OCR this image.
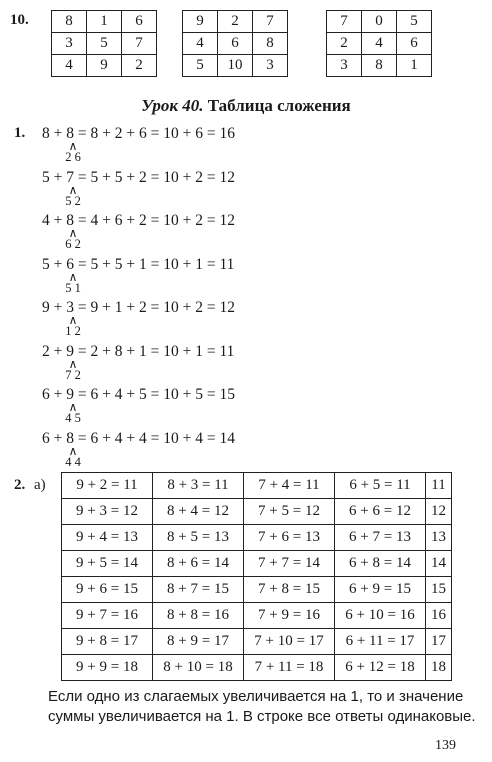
10. 8	1	6
3	5	7
4	9	2
9	2	7
4	6	8
5	10	3
7	0	5
2	4	6
3	8	1
Урок 40. Таблица сложения
1. 8 + 8 = 8 + 2 + 6 = 10 + 6 = 16
∧
2 6
5 + 7 = 5 + 5 + 2 = 10 + 2 = 12
∧
5 2
4 + 8 = 4 + 6 + 2 = 10 + 2 = 12
∧
6 2
5 + 6 = 5 + 5 + 1 = 10 + 1 = 11
∧
5 1
9 + 3 = 9 + 1 + 2 = 10 + 2 = 12
∧
1 2
2 + 9 = 2 + 8 + 1 = 10 + 1 = 11
∧
7 2
6 + 9 = 6 + 4 + 5 = 10 + 5 = 15
∧
4 5
6 + 8 = 6 + 4 + 4 = 10 + 4 = 14
∧
4 4
2. а) 9 + 2 = 11	8 + 3 = 11	7 + 4 = 11	6 + 5 = 11	11
9 + 3 = 12	8 + 4 = 12	7 + 5 = 12	6 + 6 = 12	12
9 + 4 = 13	8 + 5 = 13	7 + 6 = 13	6 + 7 = 13	13
9 + 5 = 14	8 + 6 = 14	7 + 7 = 14	6 + 8 = 14	14
9 + 6 = 15	8 + 7 = 15	7 + 8 = 15	6 + 9 = 15	15
9 + 7 = 16	8 + 8 = 16	7 + 9 = 16	6 + 10 = 16	16
9 + 8 = 17	8 + 9 = 17	7 + 10 = 17	6 + 11 = 17	17
9 + 9 = 18	8 + 10 = 18	7 + 11 = 18	6 + 12 = 18	18
Если одно из слагаемых увеличивается на 1, то и значение суммы увеличивается на 1. В строке все ответы одинаковые.
139
